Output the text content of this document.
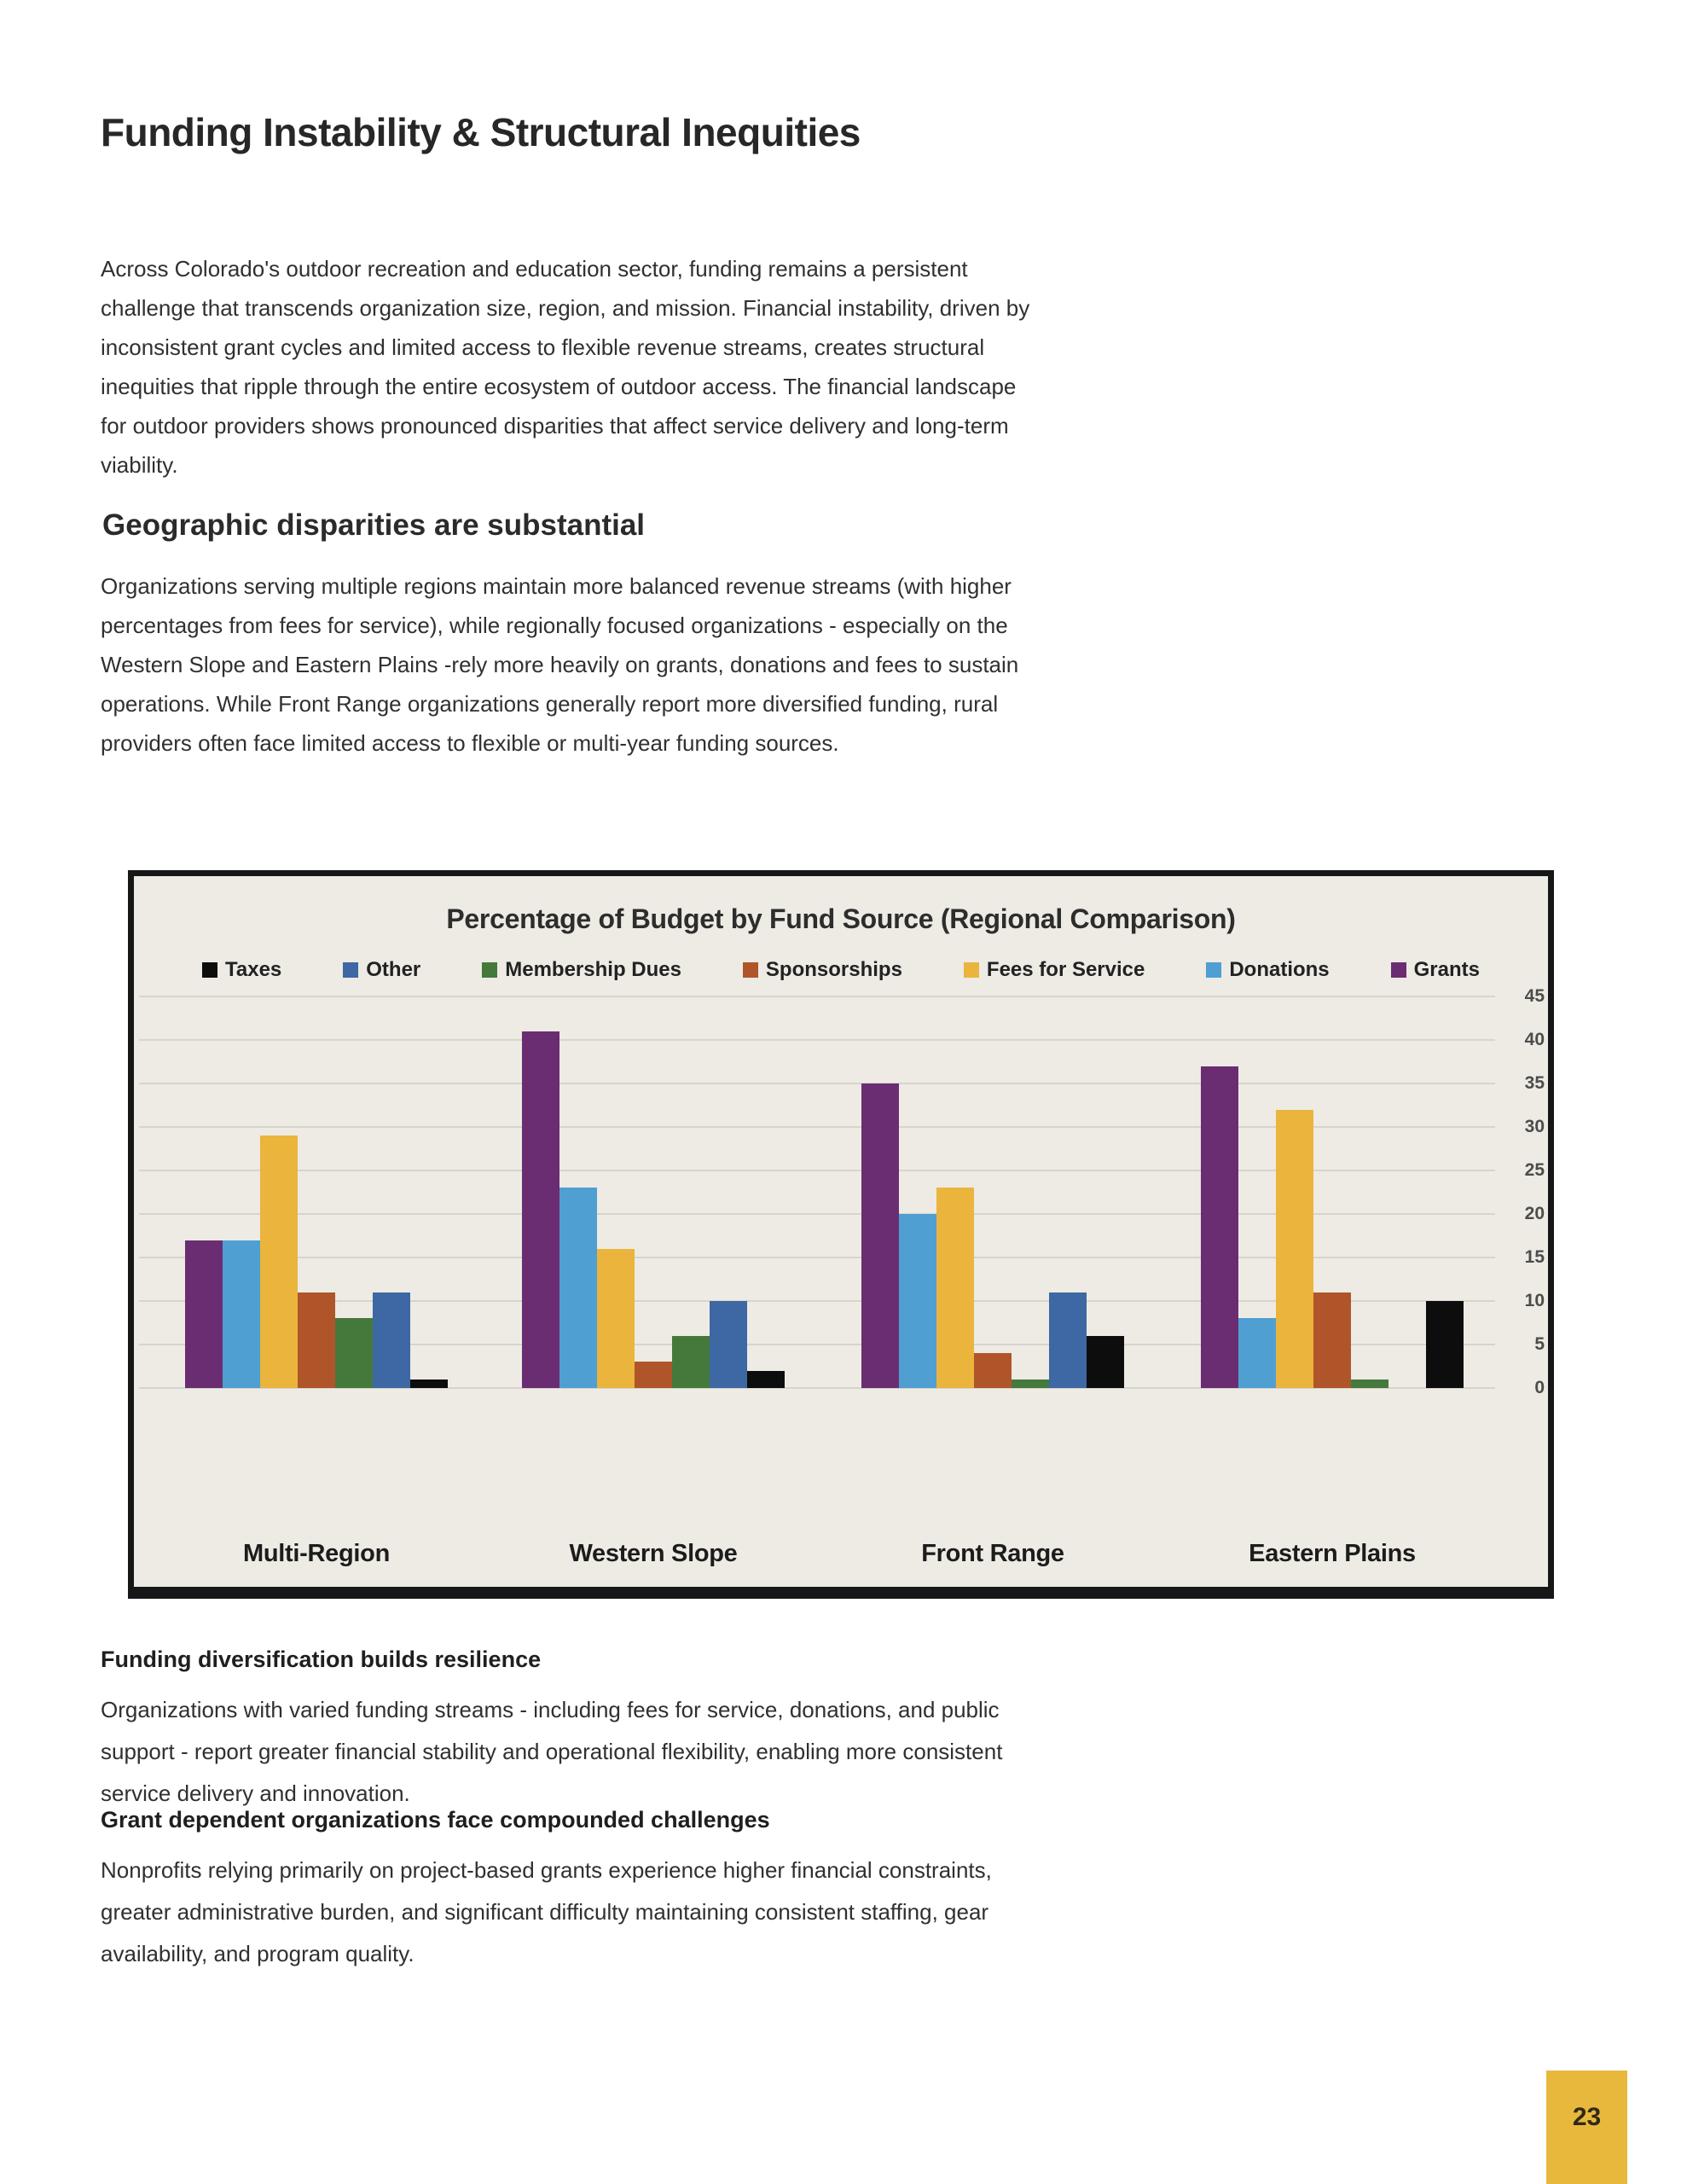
Funding Instability & Structural Inequities

Across Colorado's outdoor recreation and education sector, funding remains a persistent challenge that transcends organization size, region, and mission. Financial instability, driven by inconsistent grant cycles and limited access to flexible revenue streams, creates structural inequities that ripple through the entire ecosystem of outdoor access. The financial landscape for outdoor providers shows pronounced disparities that affect service delivery and long-term viability.

Geographic disparities are substantial

Organizations serving multiple regions maintain more balanced revenue streams (with higher percentages from fees for service), while regionally focused organizations - especially on the Western Slope and Eastern Plains -rely more heavily on grants, donations and fees to sustain operations. While Front Range organizations generally report more diversified funding, rural providers often face limited access to flexible or multi-year funding sources.

Percentage of Budget by Fund Source (Regional Comparison)
Taxes	Other	Membership Dues	Sponsorships	Fees for Service	Donations	Grants
0
5
10
15
20
25
30
35
40
45
Multi-Region	Western Slope	Front Range	Eastern Plains
Funding diversification builds resilience

Organizations with varied funding streams - including fees for service, donations, and public support - report greater financial stability and operational flexibility, enabling more consistent service delivery and innovation.

Grant dependent organizations face compounded challenges

Nonprofits relying primarily on project-based grants experience higher financial constraints, greater administrative burden, and significant difficulty maintaining consistent staffing, gear availability, and program quality.

23
